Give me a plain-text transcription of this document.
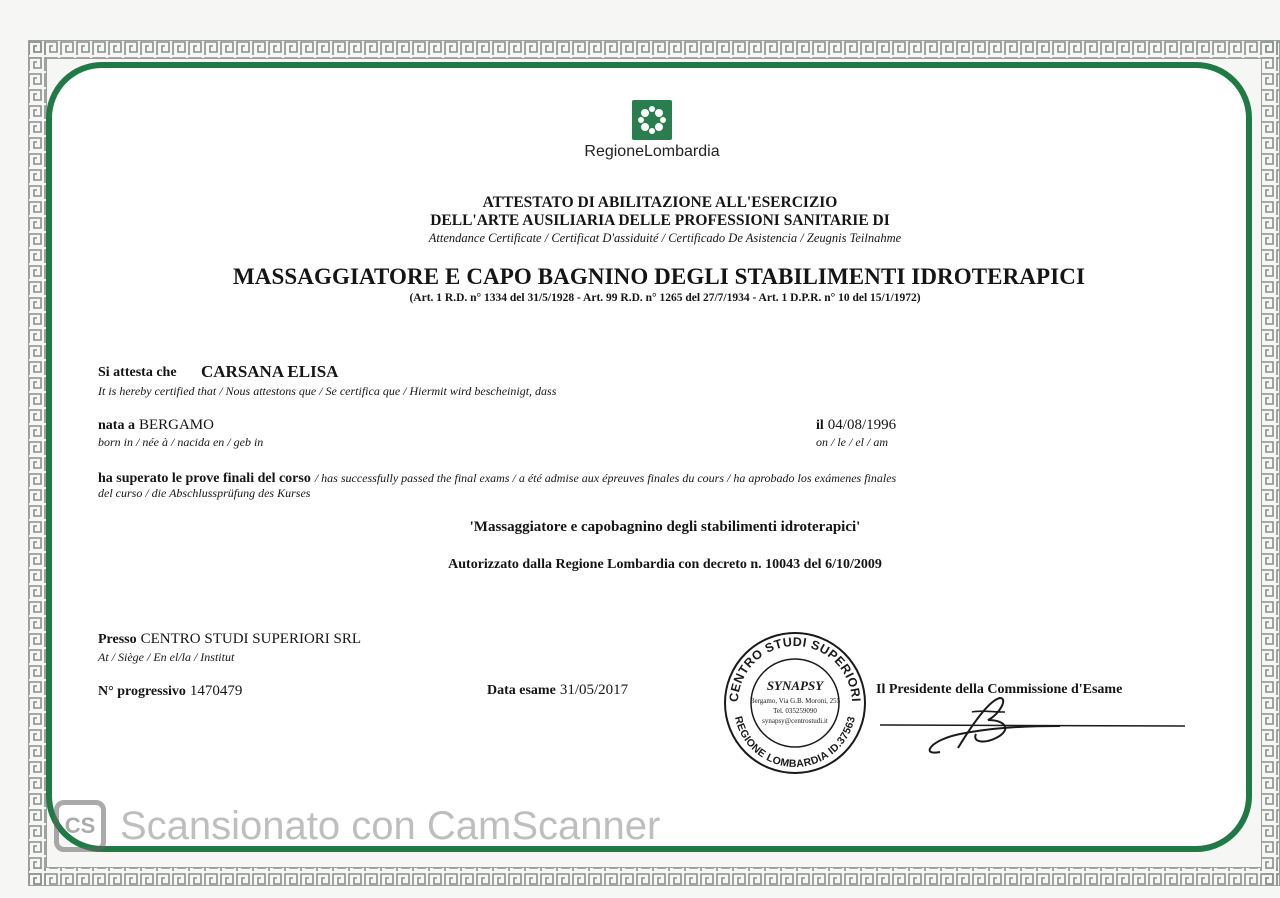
RegioneLombardia
ATTESTATO DI ABILITAZIONE ALL'ESERCIZIO
DELL'ARTE AUSILIARIA DELLE PROFESSIONI SANITARIE DI
Attendance Certificate / Certificat D'assiduité / Certificado De Asistencia / Zeugnis Teilnahme
MASSAGGIATORE E CAPO BAGNINO DEGLI STABILIMENTI IDROTERAPICI
(Art. 1 R.D. n° 1334 del 31/5/1928 - Art. 99 R.D. n° 1265 del 27/7/1934 - Art. 1 D.P.R. n° 10 del 15/1/1972)
Si attesta che CARSANA ELISA
It is hereby certified that / Nous attestons que / Se certifica que / Hiermit wird bescheinigt, dass
nata a BERGAMO
born in / née à / nacida en / geb in
il 04/08/1996
on / le / el / am
ha superato le prove finali del corso / has successfully passed the final exams / a été admise aux épreuves finales du cours / ha aprobado los exámenes finales
del curso / die Abschlussprüfung des Kurses
'Massaggiatore e capobagnino degli stabilimenti idroterapici'
Autorizzato dalla Regione Lombardia con decreto n. 10043 del 6/10/2009
Presso CENTRO STUDI SUPERIORI SRL
At / Siège / En el/la / Institut
N° progressivo 1470479	Data esame 31/05/2017	Il Presidente della Commissione d'Esame
CENTRO STUDI SUPERIORI
REGIONE LOMBARDIA ID.37563
SYNAPSY
Bergamo, Via G.B. Moroni, 255
Tel. 035259090
synapsy@centrostudi.it
CS Scansionato con CamScanner
